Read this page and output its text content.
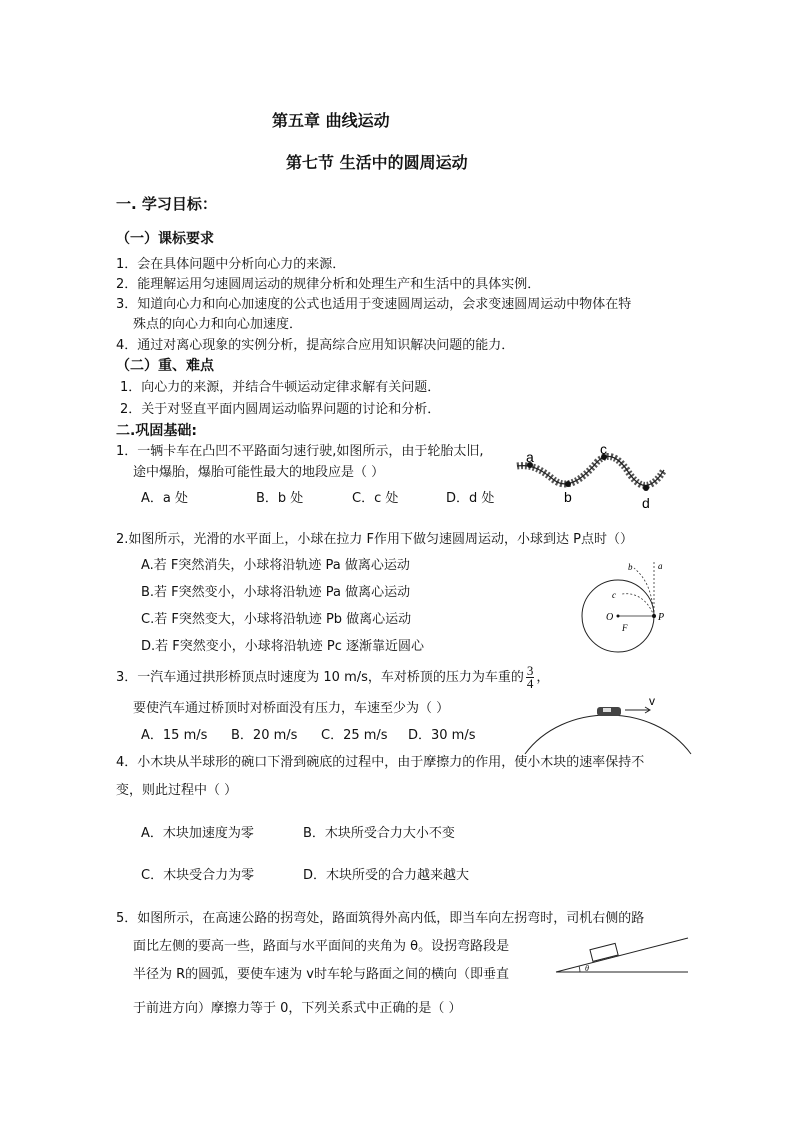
第五章 曲线运动
第七节 生活中的圆周运动
一. 学习目标：
（一）课标要求
1．会在具体问题中分析向心力的来源．
2．能理解运用匀速圆周运动的规律分析和处理生产和生活中的具体实例．
3．知道向心力和向心加速度的公式也适用于变速圆周运动，会求变速圆周运动中物体在特
殊点的向心力和向心加速度．
4．通过对离心现象的实例分析，提高综合应用知识解决问题的能力．
（二）重、难点
1．向心力的来源，并结合牛顿运动定律求解有关问题．
2．关于对竖直平面内圆周运动临界问题的讨论和分析．
二.巩固基础:
1．一辆卡车在凸凹不平路面匀速行驶,如图所示，由于轮胎太旧,
途中爆胎，爆胎可能性最大的地段应是（ ）
A．a 处	B．b 处	C．c 处	D．d 处
a
b
c
d
2.如图所示，光滑的水平面上，小球在拉力 F作用下做匀速圆周运动，小球到达 P点时（）
A.若 F突然消失，小球将沿轨迹 Pa 做离心运动
B.若 F突然变小，小球将沿轨迹 Pa 做离心运动
C.若 F突然变大，小球将沿轨迹 Pb 做离心运动
D.若 F突然变小，小球将沿轨迹 Pc 逐渐靠近圆心
b	a
c
O
F
P
3．一汽车通过拱形桥顶点时速度为 10 m/s，车对桥顶的压力为车重的 $\frac{3}{4}$ ，
要使汽车通过桥顶时对桥面没有压力，车速至少为（ ）
A．15 m/s B．20 m/s C．25 m/s D．30 m/s
v
4．小木块从半球形的碗口下滑到碗底的过程中，由于摩擦力的作用，使小木块的速率保持不
变，则此过程中（ ）
A．木块加速度为零	B．木块所受合力大小不变
C．木块受合力为零	D．木块所受的合力越来越大
5．如图所示，在高速公路的拐弯处，路面筑得外高内低，即当车向左拐弯时，司机右侧的路
面比左侧的要高一些，路面与水平面间的夹角为 θ。设拐弯路段是
半径为 R的圆弧，要使车速为 v时车轮与路面之间的横向（即垂直
于前进方向）摩擦力等于 0，下列关系式中正确的是（ ）
θ
